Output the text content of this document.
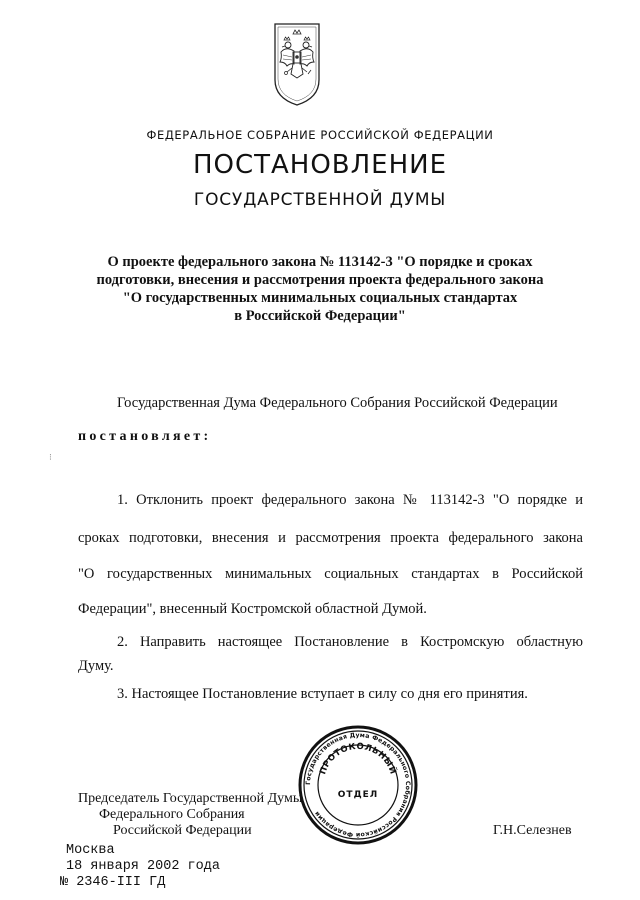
ФЕДЕРАЛЬНОЕ СОБРАНИЕ РОССИЙСКОЙ ФЕДЕРАЦИИ
ПОСТАНОВЛЕНИЕ
ГОСУДАРСТВЕННОЙ ДУМЫ
О проекте федерального закона № 113142-3 "О порядке и сроках
подготовки, внесения и рассмотрения проекта федерального закона
"О государственных минимальных социальных стандартах
в Российской Федерации"
Государственная Дума Федерального Собрания Российской Федерации
постановляет:
⁝
1. Отклонить проект федерального закона № 113142-3 "О порядке и
сроках подготовки, внесения и рассмотрения проекта федерального закона
"О государственных минимальных социальных стандартах в Российской
Федерации", внесенный Костромской областной Думой.
2. Направить настоящее Постановление в Костромскую областную
Думу.
3. Настоящее Постановление вступает в силу со дня его принятия.
Председатель Государственной Думы
Федерального Собрания
Российской Федерации	Г.Н.Селезнев
Государственная Дума Федерального Собрания Российской Федерации
ПРОТОКОЛЬНЫЙ
ОТДЕЛ
Москва
18 января 2002 года
№ 2346-III ГД
